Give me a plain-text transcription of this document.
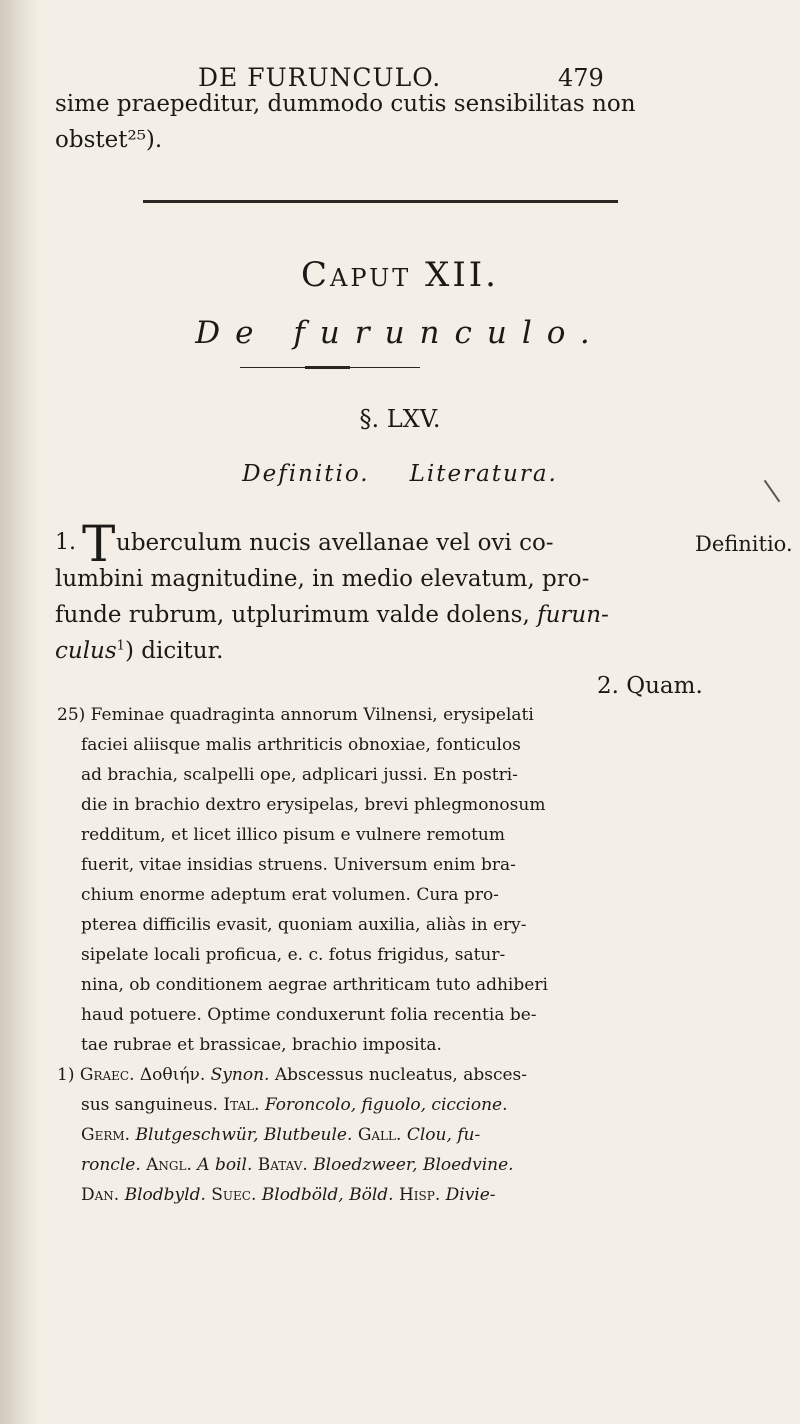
DE FURUNCULO.	479
sime praepeditur, dummodo cutis sensibilitas non
obstet²⁵).
Caput XII.
De furunculo.
§. LXV.
Definitio. Literatura.
1. T uberculum nucis avellanae vel ovi co-	Definitio.
lumbini magnitudine, in medio elevatum, pro-
funde rubrum, utplurimum valde dolens, furun-
culus$^1$) dicitur.
2. Quam.
25) Feminae quadraginta annorum Vilnensi, erysipelati
faciei aliisque malis arthriticis obnoxiae, fonticulos
ad brachia, scalpelli ope, adplicari jussi. En postri-
die in brachio dextro erysipelas, brevi phlegmonosum
redditum, et licet illico pisum e vulnere remotum
fuerit, vitae insidias struens. Universum enim bra-
chium enorme adeptum erat volumen. Cura pro-
pterea difficilis evasit, quoniam auxilia, aliàs in ery-
sipelate locali proficua, e. c. fotus frigidus, satur-
nina, ob conditionem aegrae arthriticam tuto adhiberi
haud potuere. Optime conduxerunt folia recentia be-
tae rubrae et brassicae, brachio imposita.
1) Graec. Δοθιήν. Synon. Abscessus nucleatus, absces-
sus sanguineus. Ital. Foroncolo, figuolo, ciccione.
Germ. Blutgeschwür, Blutbeule. Gall. Clou, fu-
roncle. Angl. A boil. Batav. Bloedzweer, Bloedvine.
Dan. Blodbyld. Suec. Blodböld, Böld. Hisp. Divie-
